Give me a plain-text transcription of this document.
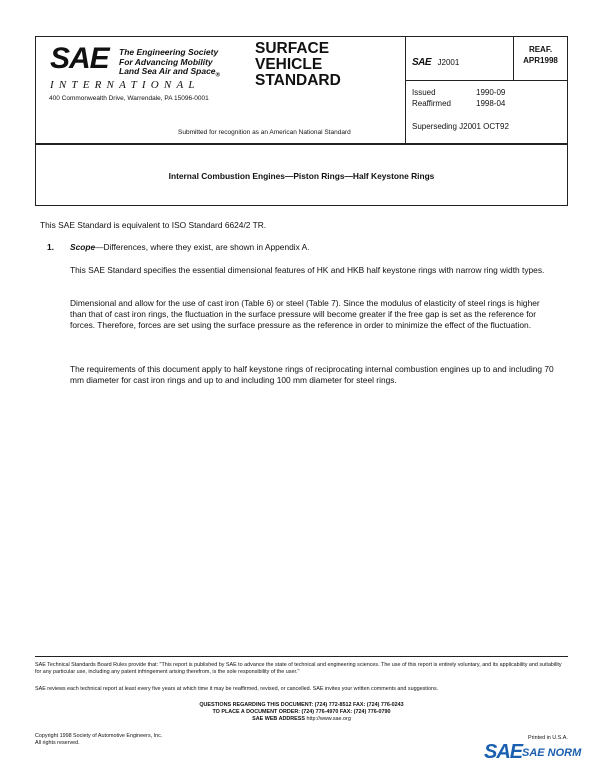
SAE The Engineering Society
For Advancing Mobility
Land Sea Air and Space$_®$
INTERNATIONAL
400 Commonwealth Drive, Warrendale, PA 15096-0001
SURFACE
VEHICLE
STANDARD
Submitted for recognition as an American National Standard
SAE J2001
REAF.
APR1998
Issued	1990-09
Reaffirmed	1998-04
Superseding J2001 OCT92
Internal Combustion Engines—Piston Rings—Half Keystone Rings
This SAE Standard is equivalent to ISO Standard 6624/2 TR.
1. Scope—Differences, where they exist, are shown in Appendix A.
This SAE Standard specifies the essential dimensional features of HK and HKB half keystone rings with narrow ring width types.
Dimensional and allow for the use of cast iron (Table 6) or steel (Table 7). Since the modulus of elasticity of steel rings is higher than that of cast iron rings, the fluctuation in the surface pressure will become greater if the free gap is set as the reference for forces. Therefore, forces are set using the surface pressure as the reference in order to minimize the effect of the fluctuation.
The requirements of this document apply to half keystone rings of reciprocating internal combustion engines up to and including 70 mm diameter for cast iron rings and up to and including 100 mm diameter for steel rings.
SAE Technical Standards Board Rules provide that: "This report is published by SAE to advance the state of technical and engineering sciences. The use of this report is entirely voluntary, and its applicability and suitability for any particular use, including any patent infringement arising therefrom, is the sole responsibility of the user."
SAE reviews each technical report at least every five years at which time it may be reaffirmed, revised, or cancelled. SAE invites your written comments and suggestions.
QUESTIONS REGARDING THIS DOCUMENT: (724) 772-8512 FAX: (724) 776-0243
TO PLACE A DOCUMENT ORDER: (724) 776-4970 FAX: (724) 776-0790
SAE WEB ADDRESS http://www.sae.org
Copyright 1998 Society of Automotive Engineers, Inc.
All rights reserved.
Printed in U.S.A.
SAE SAE NORM
